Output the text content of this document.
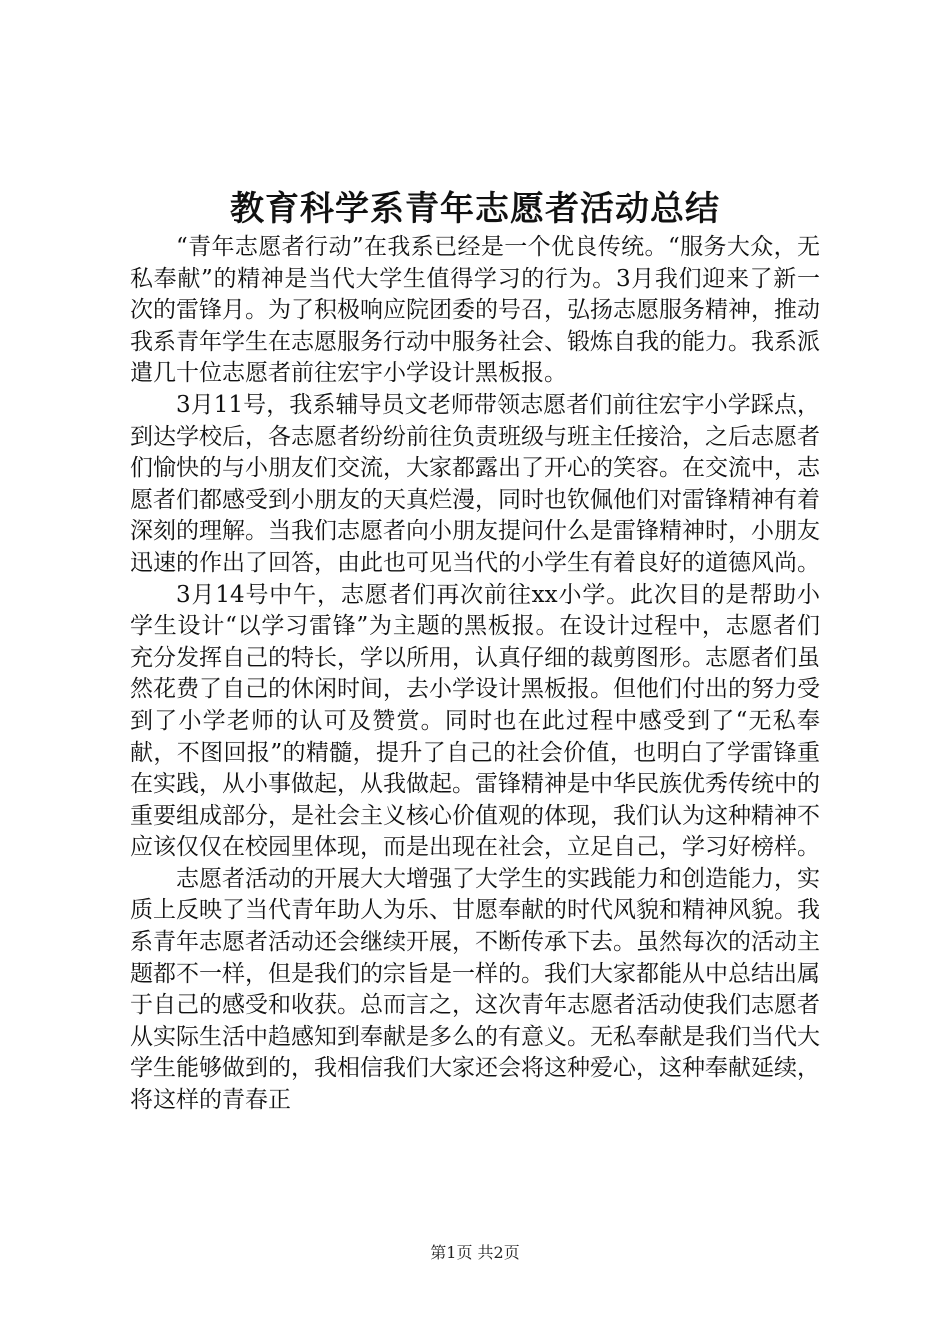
教育科学系青年志愿者活动总结

“青年志愿者行动”在我系已经是一个优良传统。“服务大众，无私奉献”的精神是当代大学生值得学习的行为。3月我们迎来了新一次的雷锋月。为了积极响应院团委的号召，弘扬志愿服务精神，推动我系青年学生在志愿服务行动中服务社会、锻炼自我的能力。我系派遣几十位志愿者前往宏宇小学设计黑板报。

3月11号，我系辅导员文老师带领志愿者们前往宏宇小学踩点，到达学校后，各志愿者纷纷前往负责班级与班主任接洽，之后志愿者们愉快的与小朋友们交流，大家都露出了开心的笑容。在交流中，志愿者们都感受到小朋友的天真烂漫，同时也钦佩他们对雷锋精神有着深刻的理解。当我们志愿者向小朋友提问什么是雷锋精神时，小朋友迅速的作出了回答，由此也可见当代的小学生有着良好的道德风尚。

3月14号中午，志愿者们再次前往xx小学。此次目的是帮助小学生设计“以学习雷锋”为主题的黑板报。在设计过程中，志愿者们充分发挥自己的特长，学以所用，认真仔细的裁剪图形。志愿者们虽然花费了自己的休闲时间，去小学设计黑板报。但他们付出的努力受到了小学老师的认可及赞赏。同时也在此过程中感受到了“无私奉献，不图回报”的精髓，提升了自己的社会价值，也明白了学雷锋重在实践，从小事做起，从我做起。雷锋精神是中华民族优秀传统中的重要组成部分，是社会主义核心价值观的体现，我们认为这种精神不应该仅仅在校园里体现，而是出现在社会，立足自己，学习好榜样。

志愿者活动的开展大大增强了大学生的实践能力和创造能力，实质上反映了当代青年助人为乐、甘愿奉献的时代风貌和精神风貌。我系青年志愿者活动还会继续开展，不断传承下去。虽然每次的活动主题都不一样，但是我们的宗旨是一样的。我们大家都能从中总结出属于自己的感受和收获。总而言之，这次青年志愿者活动使我们志愿者从实际生活中趋感知到奉献是多么的有意义。无私奉献是我们当代大学生能够做到的，我相信我们大家还会将这种爱心，这种奉献延续，将这样的青春正

第1页 共2页
